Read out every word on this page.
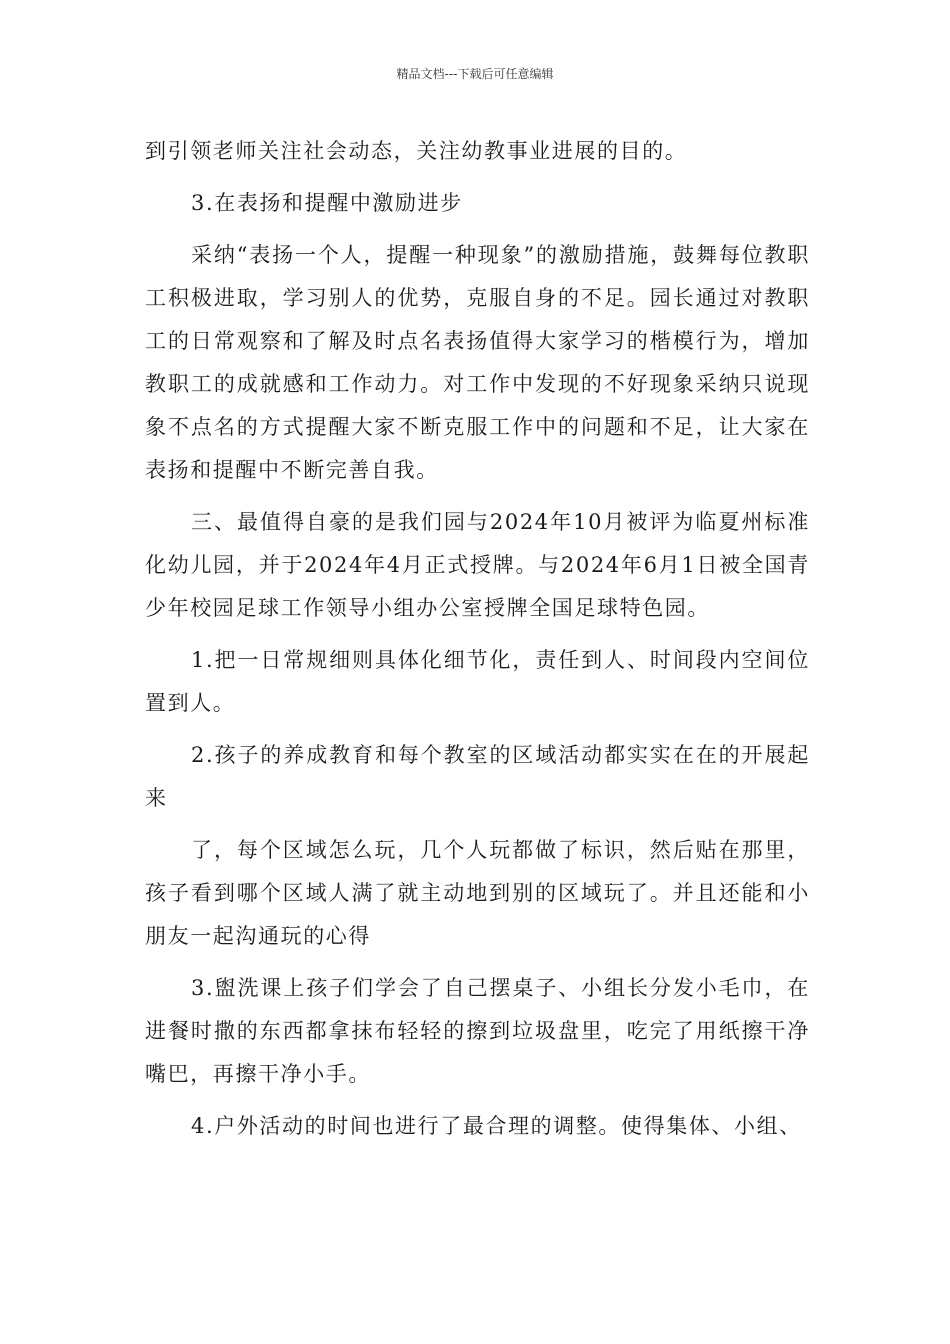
精品文档---下载后可任意编辑

到引领老师关注社会动态，关注幼教事业进展的目的。

3.在表扬和提醒中激励进步

采纳“表扬一个人，提醒一种现象”的激励措施，鼓舞每位教职工积极进取，学习别人的优势，克服自身的不足。园长通过对教职工的日常观察和了解及时点名表扬值得大家学习的楷模行为，增加教职工的成就感和工作动力。对工作中发现的不好现象采纳只说现象不点名的方式提醒大家不断克服工作中的问题和不足，让大家在表扬和提醒中不断完善自我。

三、最值得自豪的是我们园与2024年10月被评为临夏州标准化幼儿园，并于2024年4月正式授牌。与2024年6月1日被全国青少年校园足球工作领导小组办公室授牌全国足球特色园。

1.把一日常规细则具体化细节化，责任到人、时间段内空间位置到人。

2.孩子的养成教育和每个教室的区域活动都实实在在的开展起来

了，每个区域怎么玩，几个人玩都做了标识，然后贴在那里，孩子看到哪个区域人满了就主动地到别的区域玩了。并且还能和小朋友一起沟通玩的心得

3.盥洗课上孩子们学会了自己摆桌子、小组长分发小毛巾，在进餐时撒的东西都拿抹布轻轻的擦到垃圾盘里，吃完了用纸擦干净嘴巴，再擦干净小手。

4.户外活动的时间也进行了最合理的调整。使得集体、小组、
